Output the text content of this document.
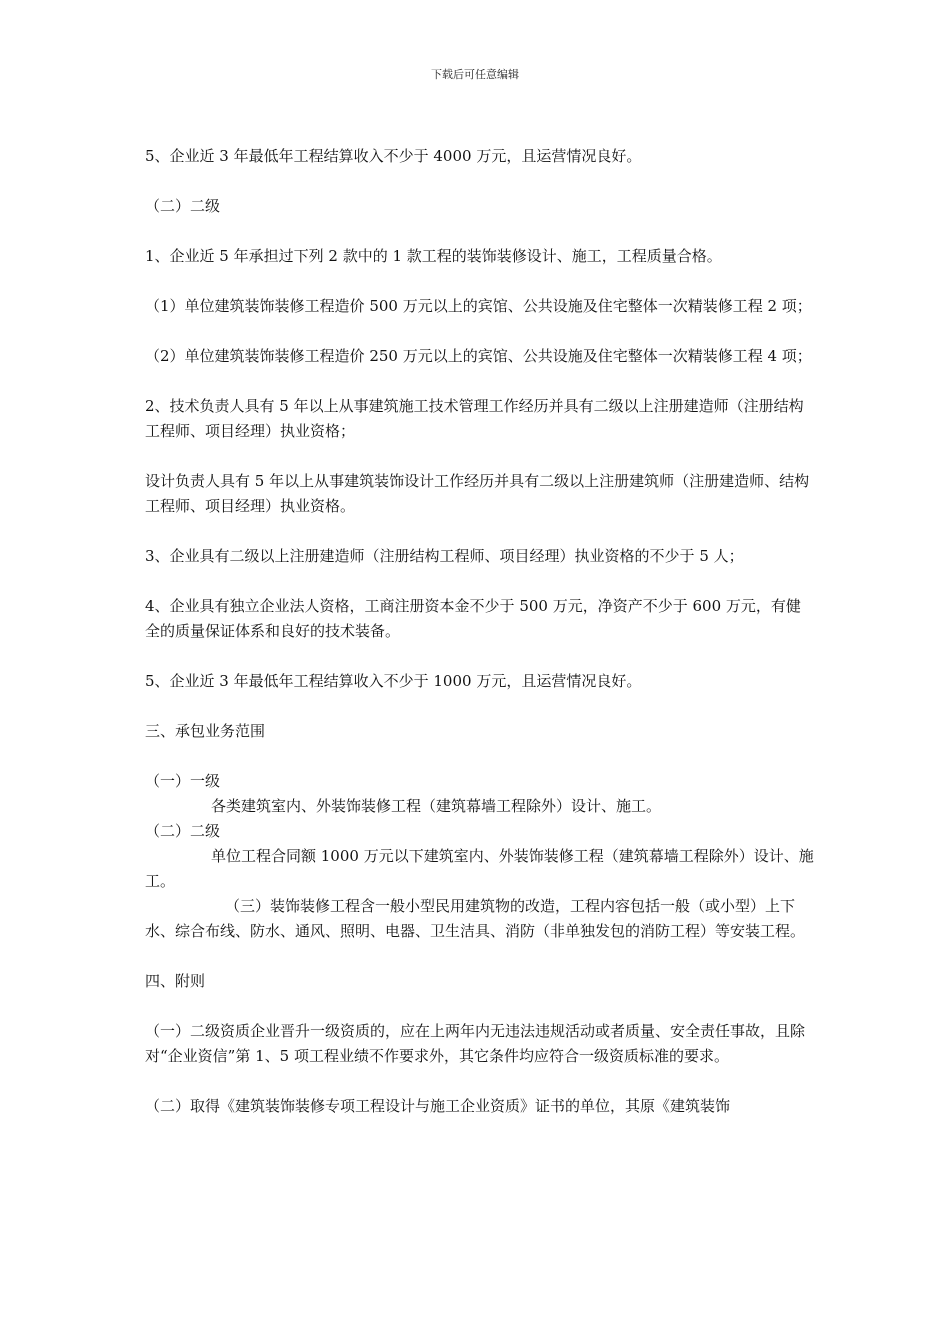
下载后可任意编辑

5、企业近 3 年最低年工程结算收入不少于 4000 万元，且运营情况良好。

（二）二级

1、企业近 5 年承担过下列 2 款中的 1 款工程的装饰装修设计、施工，工程质量合格。

（1）单位建筑装饰装修工程造价 500 万元以上的宾馆、公共设施及住宅整体一次精装修工程 2 项；

（2）单位建筑装饰装修工程造价 250 万元以上的宾馆、公共设施及住宅整体一次精装修工程 4 项；

2、技术负责人具有 5 年以上从事建筑施工技术管理工作经历并具有二级以上注册建造师（注册结构工程师、项目经理）执业资格；

设计负责人具有 5 年以上从事建筑装饰设计工作经历并具有二级以上注册建筑师（注册建造师、结构工程师、项目经理）执业资格。

3、企业具有二级以上注册建造师（注册结构工程师、项目经理）执业资格的不少于 5 人；

4、企业具有独立企业法人资格，工商注册资本金不少于 500 万元，净资产不少于 600 万元，有健全的质量保证体系和良好的技术装备。

5、企业近 3 年最低年工程结算收入不少于 1000 万元，且运营情况良好。

三、承包业务范围

（一）一级

各类建筑室内、外装饰装修工程（建筑幕墙工程除外）设计、施工。

（二）二级

单位工程合同额 1000 万元以下建筑室内、外装饰装修工程（建筑幕墙工程除外）设计、施工。

（三）装饰装修工程含一般小型民用建筑物的改造，工程内容包括一般（或小型）上下水、综合布线、防水、通风、照明、电器、卫生洁具、消防（非单独发包的消防工程）等安装工程。

四、附则

（一）二级资质企业晋升一级资质的，应在上两年内无违法违规活动或者质量、安全责任事故，且除对“企业资信”第 1、5 项工程业绩不作要求外，其它条件均应符合一级资质标准的要求。

（二）取得《建筑装饰装修专项工程设计与施工企业资质》证书的单位，其原《建筑装饰
